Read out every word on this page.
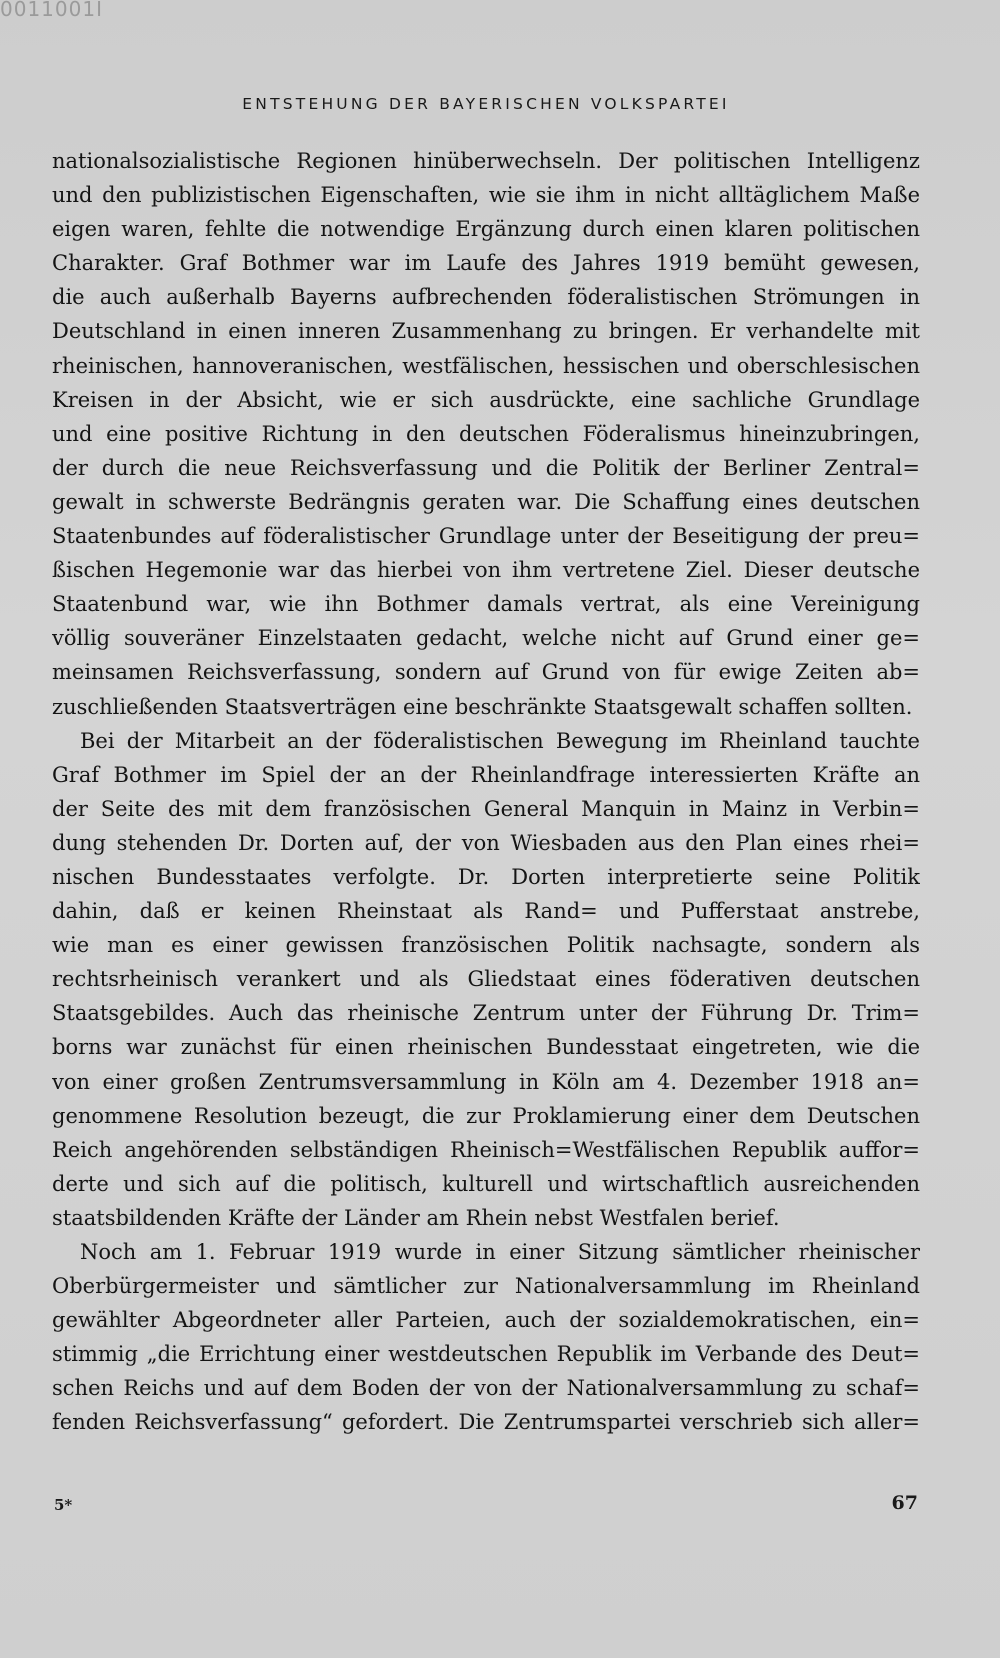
0011001I
ENTSTEHUNG DER BAYERISCHEN VOLKSPARTEI
nationalsozialistische Regionen hinüberwechseln. Der politischen Intelligenz
und den publizistischen Eigenschaften, wie sie ihm in nicht alltäglichem Maße
eigen waren, fehlte die notwendige Ergänzung durch einen klaren politischen
Charakter. Graf Bothmer war im Laufe des Jahres 1919 bemüht gewesen,
die auch außerhalb Bayerns aufbrechenden föderalistischen Strömungen in
Deutschland in einen inneren Zusammenhang zu bringen. Er verhandelte mit
rheinischen, hannoveranischen, westfälischen, hessischen und oberschlesischen
Kreisen in der Absicht, wie er sich ausdrückte, eine sachliche Grundlage
und eine positive Richtung in den deutschen Föderalismus hineinzubringen,
der durch die neue Reichsverfassung und die Politik der Berliner Zentral=
gewalt in schwerste Bedrängnis geraten war. Die Schaffung eines deutschen
Staatenbundes auf föderalistischer Grundlage unter der Beseitigung der preu=
ßischen Hegemonie war das hierbei von ihm vertretene Ziel. Dieser deutsche
Staatenbund war, wie ihn Bothmer damals vertrat, als eine Vereinigung
völlig souveräner Einzelstaaten gedacht, welche nicht auf Grund einer ge=
meinsamen Reichsverfassung, sondern auf Grund von für ewige Zeiten ab=
zuschließenden Staatsverträgen eine beschränkte Staatsgewalt schaffen sollten.
Bei der Mitarbeit an der föderalistischen Bewegung im Rheinland tauchte
Graf Bothmer im Spiel der an der Rheinlandfrage interessierten Kräfte an
der Seite des mit dem französischen General Manquin in Mainz in Verbin=
dung stehenden Dr. Dorten auf, der von Wiesbaden aus den Plan eines rhei=
nischen Bundesstaates verfolgte. Dr. Dorten interpretierte seine Politik
dahin, daß er keinen Rheinstaat als Rand= und Pufferstaat anstrebe,
wie man es einer gewissen französischen Politik nachsagte, sondern als
rechtsrheinisch verankert und als Gliedstaat eines föderativen deutschen
Staatsgebildes. Auch das rheinische Zentrum unter der Führung Dr. Trim=
borns war zunächst für einen rheinischen Bundesstaat eingetreten, wie die
von einer großen Zentrumsversammlung in Köln am 4. Dezember 1918 an=
genommene Resolution bezeugt, die zur Proklamierung einer dem Deutschen
Reich angehörenden selbständigen Rheinisch=Westfälischen Republik auffor=
derte und sich auf die politisch, kulturell und wirtschaftlich ausreichenden
staatsbildenden Kräfte der Länder am Rhein nebst Westfalen berief.
Noch am 1. Februar 1919 wurde in einer Sitzung sämtlicher rheinischer
Oberbürgermeister und sämtlicher zur Nationalversammlung im Rheinland
gewählter Abgeordneter aller Parteien, auch der sozialdemokratischen, ein=
stimmig „die Errichtung einer westdeutschen Republik im Verbande des Deut=
schen Reichs und auf dem Boden der von der Nationalversammlung zu schaf=
fenden Reichsverfassung“ gefordert. Die Zentrumspartei verschrieb sich aller=
5*	67
